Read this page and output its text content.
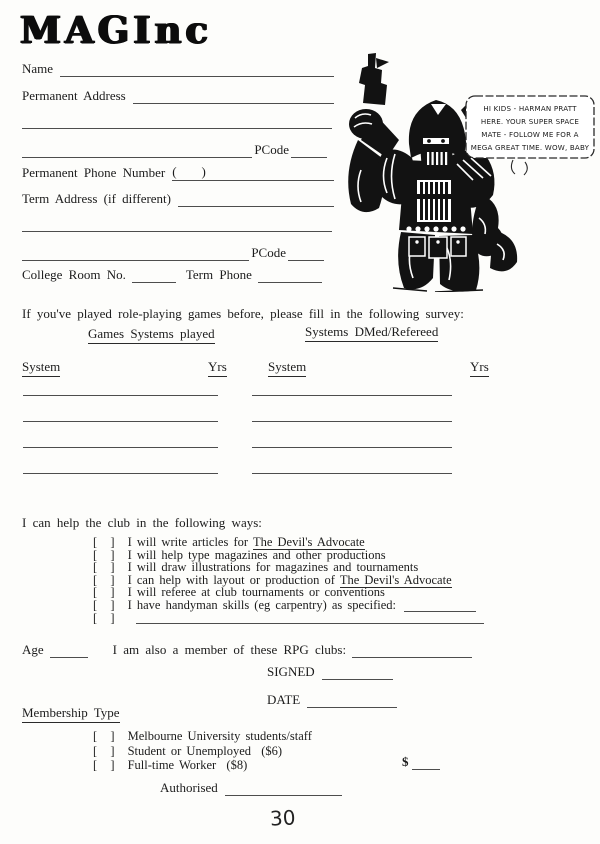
MAGInc
Name
Permanent Address
PCode
Permanent Phone Number (    )
Term Address (if different)
PCode
College Room No.	Term Phone
If you've played role-playing games before, please fill in the following survey:
Games Systems played	Systems DMed/Refereed
System	Yrs	System	Yrs
I can help the club in the following ways:
[  ] I will write articles for The Devil's Advocate
[  ] I will help type magazines and other productions
[  ] I will draw illustrations for magazines and tournaments
[  ] I can help with layout or production of The Devil's Advocate
[  ] I will referee at club tournaments or conventions
[  ] I have handyman skills (eg carpentry) as specified:
[  ]
Age	I am also a member of these RPG clubs:
SIGNED
DATE
Membership Type
[  ] Melbourne University students/staff
[  ] Student or Unemployed  ($6)
[  ] Full-time Worker  ($8)	$
Authorised
30
HI KIDS - HARMAN PRATT
HERE. YOUR SUPER SPACE
MATE - FOLLOW ME FOR A
MEGA GREAT TIME. WOW, BABY
